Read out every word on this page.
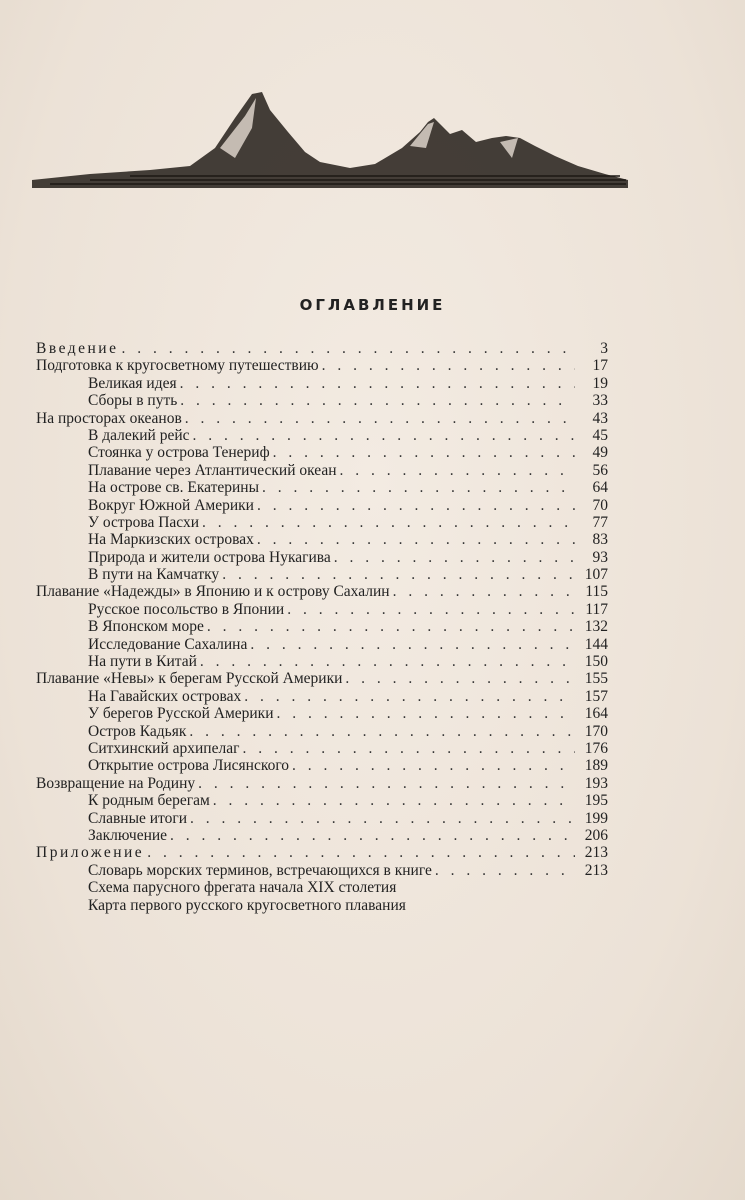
ОГЛАВЛЕНИЕ
Введение . . .	3
Подготовка к кругосветному путешествию . . .	17
Великая идея . . .	19
Сборы в путь . . .	33
На просторах океанов . . .	43
В далекий рейс . . .	45
Стоянка у острова Тенериф . . .	49
Плавание через Атлантический океан . . .	56
На острове св. Екатерины . . .	64
Вокруг Южной Америки . . .	70
У острова Пасхи . . .	77
На Маркизских островах . . .	83
Природа и жители острова Нукагива . . .	93
В пути на Камчатку . . .	107
Плавание «Надежды» в Японию и к острову Сахалин . . .	115
Русское посольство в Японии . . .	117
В Японском море . . .	132
Исследование Сахалина . . .	144
На пути в Китай . . .	150
Плавание «Невы» к берегам Русской Америки . . .	155
На Гавайских островах . . .	157
У берегов Русской Америки . . .	164
Остров Кадьяк . . .	170
Ситхинский архипелаг . . .	176
Открытие острова Лисянского . . .	189
Возвращение на Родину . . .	193
К родным берегам . . .	195
Славные итоги . . .	199
Заключение . . .	206
Приложение . . .	213
Словарь морских терминов, встречающихся в книге . . .	213
Схема парусного фрегата начала XIX столетия
Карта первого русского кругосветного плавания
